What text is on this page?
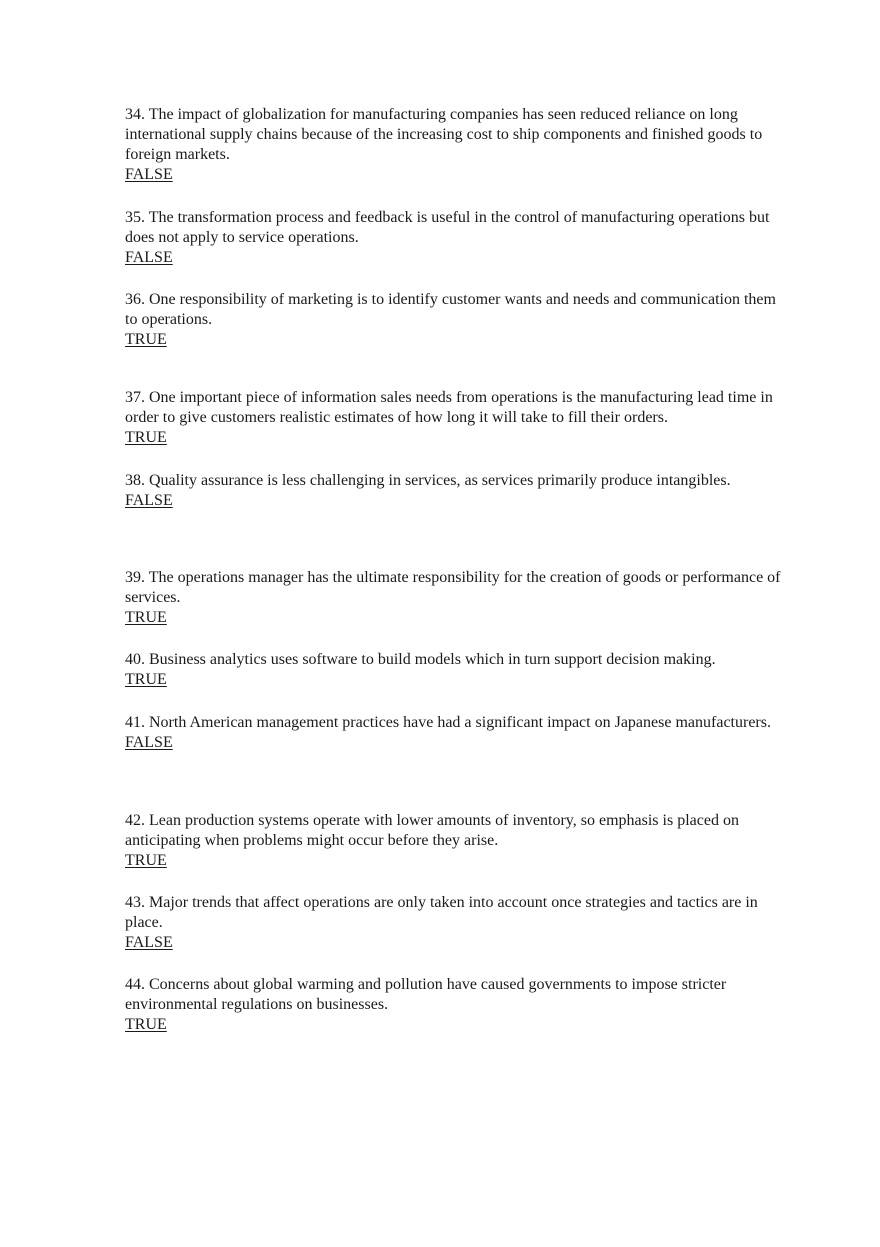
34. The impact of globalization for manufacturing companies has seen reduced reliance on long international supply chains because of the increasing cost to ship components and finished goods to foreign markets.
FALSE
35. The transformation process and feedback is useful in the control of manufacturing operations but does not apply to service operations.
FALSE
36. One responsibility of marketing is to identify customer wants and needs and communication them to operations.
TRUE
37. One important piece of information sales needs from operations is the manufacturing lead time in order to give customers realistic estimates of how long it will take to fill their orders.
TRUE
38. Quality assurance is less challenging in services, as services primarily produce intangibles.
FALSE
39. The operations manager has the ultimate responsibility for the creation of goods or performance of services.
TRUE
40. Business analytics uses software to build models which in turn support decision making.
TRUE
41. North American management practices have had a significant impact on Japanese manufacturers.
FALSE
42. Lean production systems operate with lower amounts of inventory, so emphasis is placed on anticipating when problems might occur before they arise.
TRUE
43. Major trends that affect operations are only taken into account once strategies and tactics are in place.
FALSE
44. Concerns about global warming and pollution have caused governments to impose stricter environmental regulations on businesses.
TRUE
